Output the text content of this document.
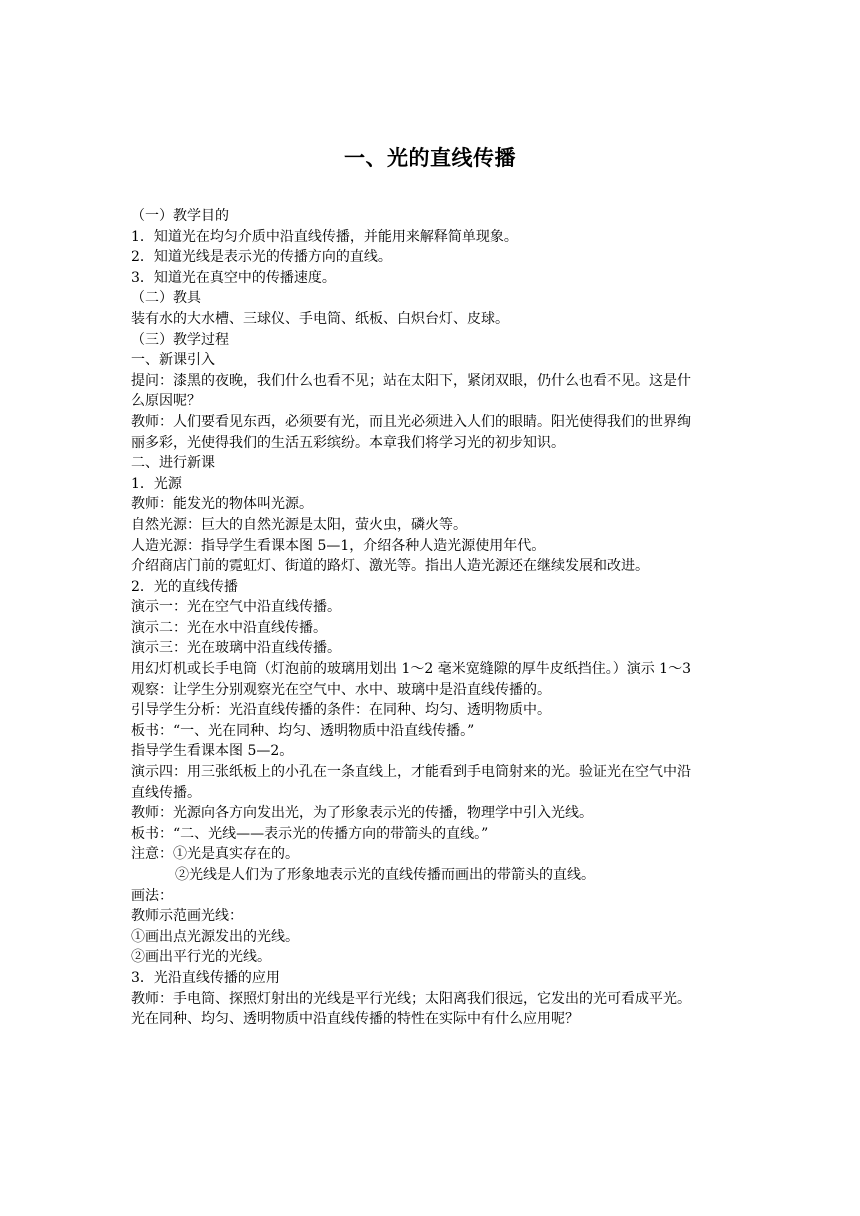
一、光的直线传播
（一）教学目的
1．知道光在均匀介质中沿直线传播，并能用来解释简单现象。
2．知道光线是表示光的传播方向的直线。
3．知道光在真空中的传播速度。
（二）教具
装有水的大水槽、三球仪、手电筒、纸板、白炽台灯、皮球。
（三）教学过程
一、新课引入
提问：漆黑的夜晚，我们什么也看不见；站在太阳下，紧闭双眼，仍什么也看不见。这是什
么原因呢？
教师：人们要看见东西，必须要有光，而且光必须进入人们的眼睛。阳光使得我们的世界绚
丽多彩，光使得我们的生活五彩缤纷。本章我们将学习光的初步知识。
二、进行新课
1．光源
教师：能发光的物体叫光源。
自然光源：巨大的自然光源是太阳，萤火虫，磷火等。
人造光源：指导学生看课本图 5—1，介绍各种人造光源使用年代。
介绍商店门前的霓虹灯、街道的路灯、激光等。指出人造光源还在继续发展和改进。
2．光的直线传播
演示一：光在空气中沿直线传播。
演示二：光在水中沿直线传播。
演示三：光在玻璃中沿直线传播。
用幻灯机或长手电筒（灯泡前的玻璃用划出 1～2 毫米宽缝隙的厚牛皮纸挡住。）演示 1～3
观察：让学生分别观察光在空气中、水中、玻璃中是沿直线传播的。
引导学生分析：光沿直线传播的条件：在同种、均匀、透明物质中。
板书：“一、光在同种、均匀、透明物质中沿直线传播。”
指导学生看课本图 5—2。
演示四：用三张纸板上的小孔在一条直线上，才能看到手电筒射来的光。验证光在空气中沿
直线传播。
教师：光源向各方向发出光，为了形象表示光的传播，物理学中引入光线。
板书：“二、光线——表示光的传播方向的带箭头的直线。”
注意：①光是真实存在的。
②光线是人们为了形象地表示光的直线传播而画出的带箭头的直线。
画法：
教师示范画光线：
①画出点光源发出的光线。
②画出平行光的光线。
3．光沿直线传播的应用
教师：手电筒、探照灯射出的光线是平行光线；太阳离我们很远，它发出的光可看成平光。
光在同种、均匀、透明物质中沿直线传播的特性在实际中有什么应用呢？
